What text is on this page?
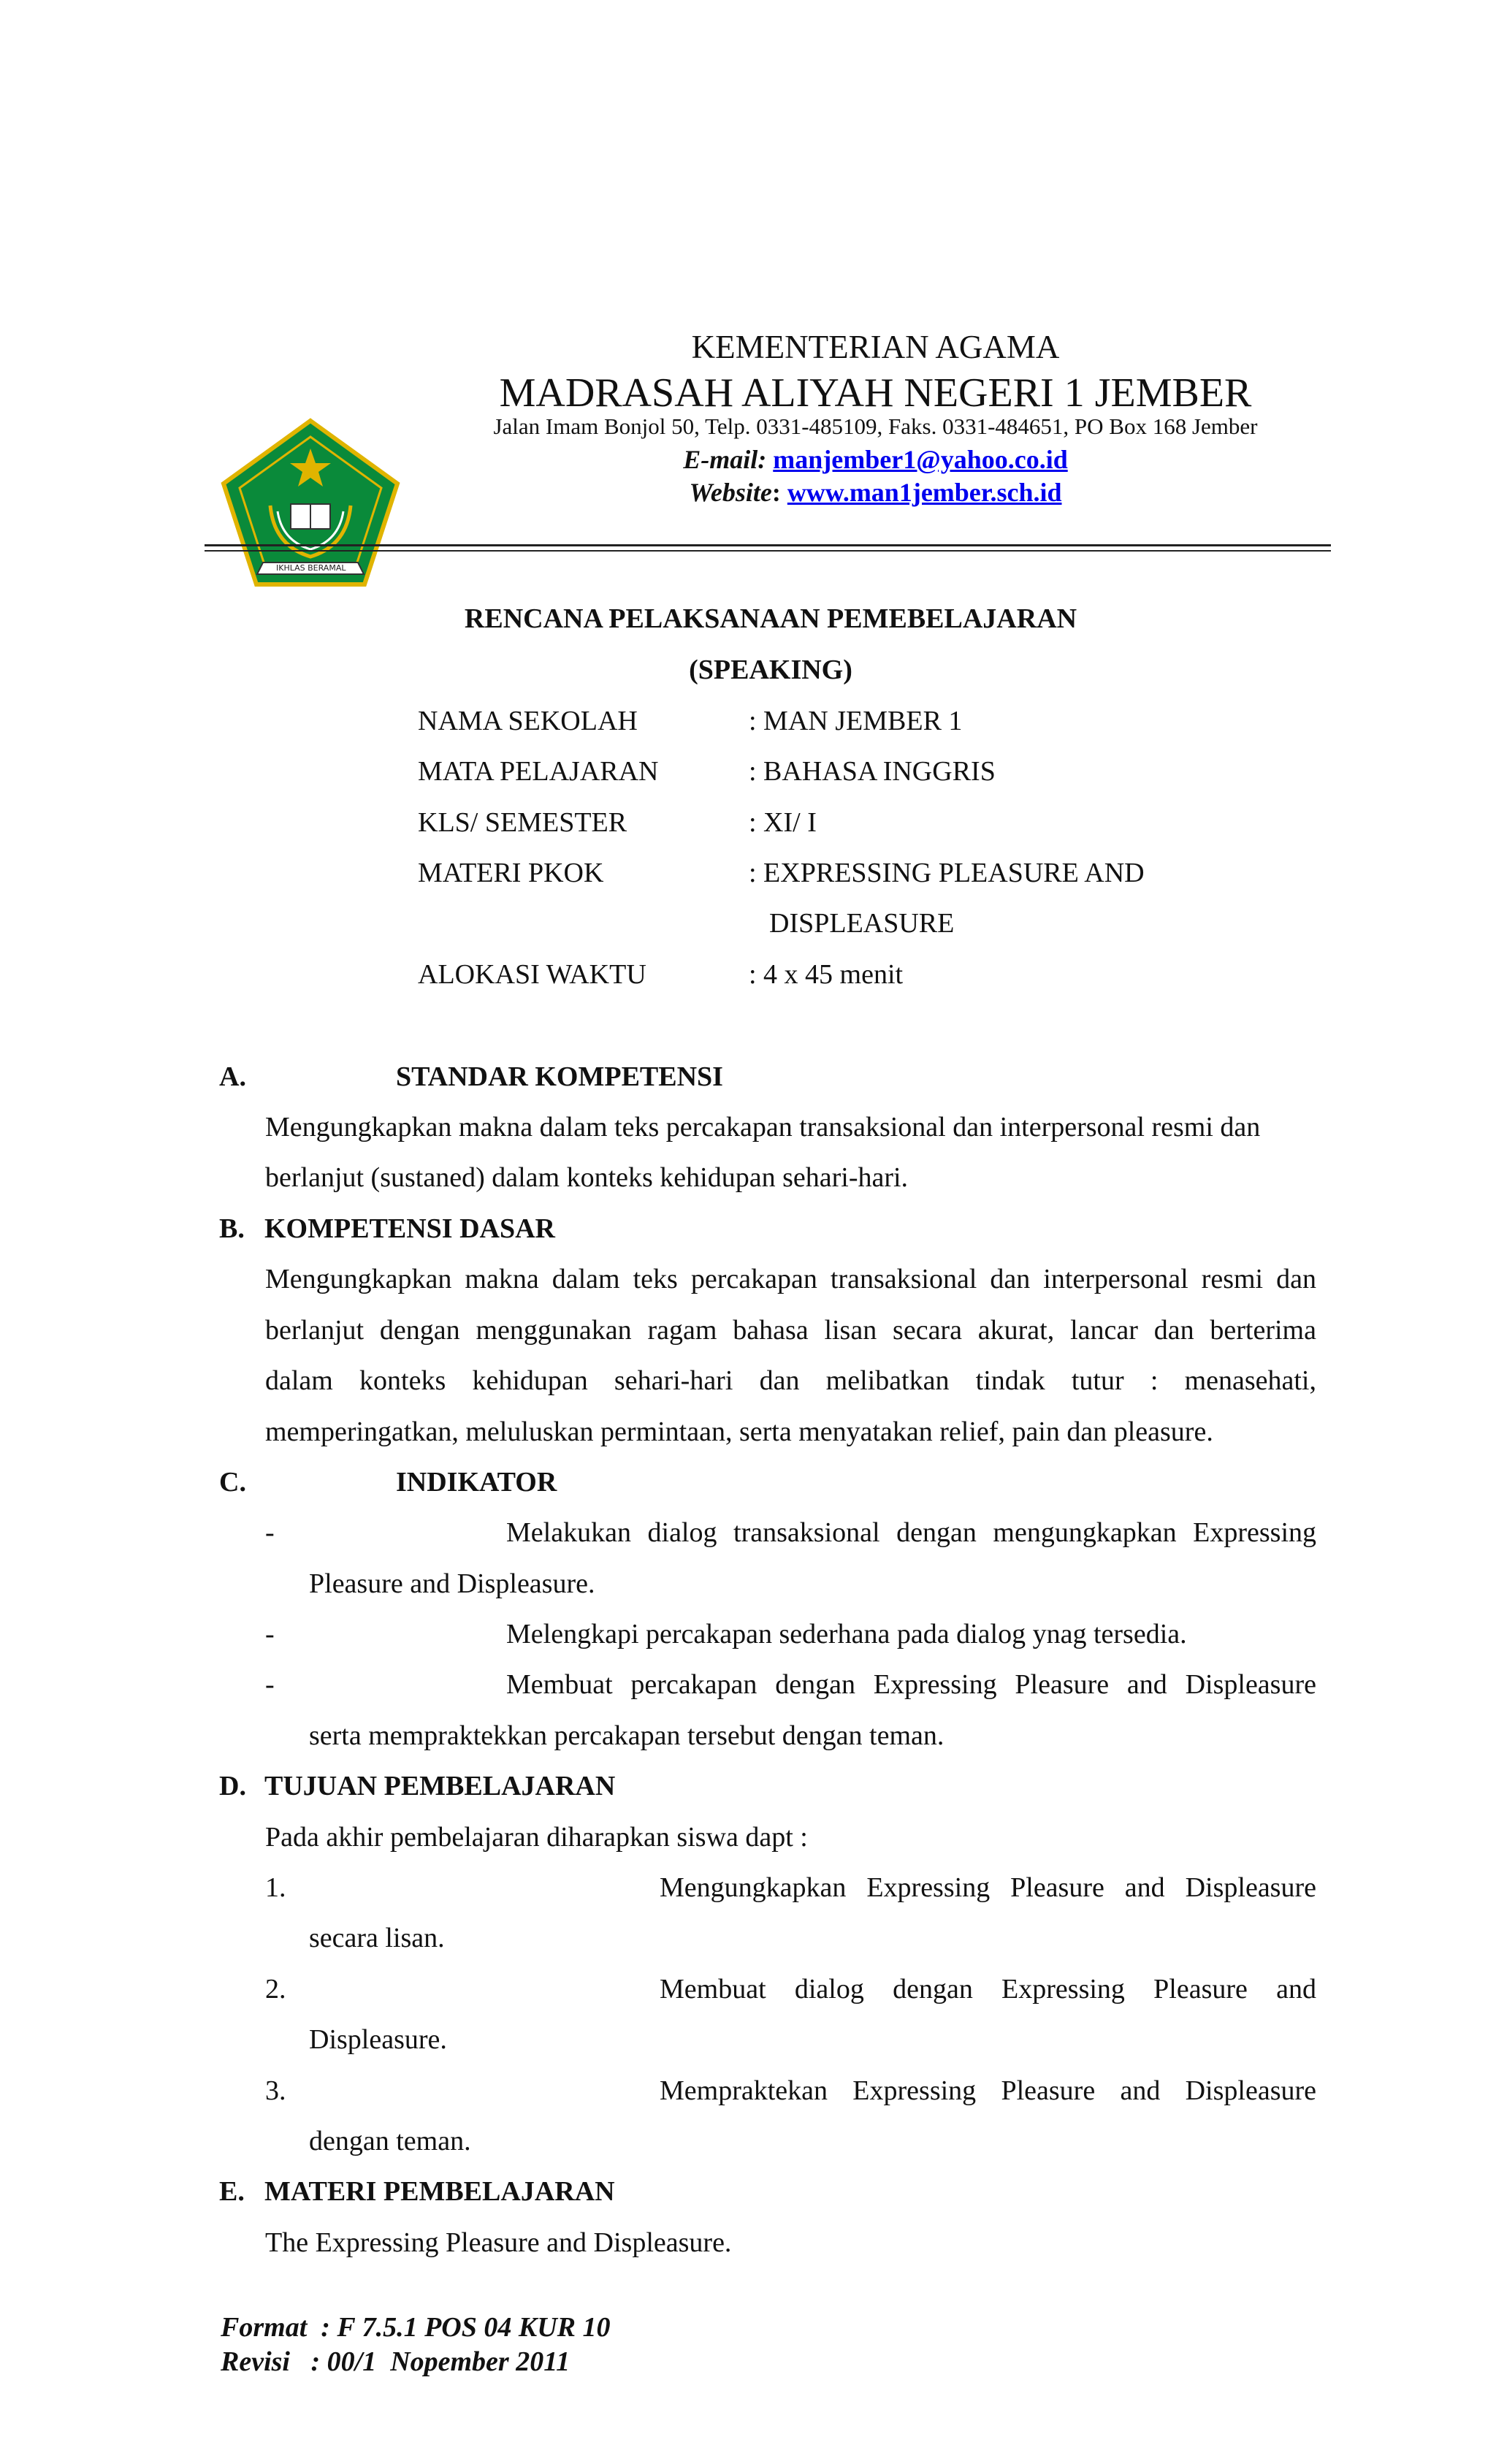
IKHLAS BERAMAL
KEMENTERIAN AGAMA
MADRASAH ALIYAH NEGERI 1 JEMBER
Jalan Imam Bonjol 50, Telp. 0331-485109, Faks. 0331-484651, PO Box 168 Jember
E-mail: manjember1@yahoo.co.id
Website: www.man1jember.sch.id
RENCANA PELAKSANAAN PEMEBELAJARAN
(SPEAKING)
NAMA SEKOLAH	: MAN JEMBER 1
MATA PELAJARAN	: BAHASA INGGRIS
KLS/ SEMESTER	: XI/ I
MATERI PKOK	: EXPRESSING PLEASURE AND
DISPLEASURE
ALOKASI WAKTU	: 4 x 45 menit
A.	STANDAR KOMPETENSI
Mengungkapkan makna dalam teks percakapan transaksional dan interpersonal resmi dan
berlanjut (sustaned) dalam konteks kehidupan sehari-hari.
B. KOMPETENSI DASAR
Mengungkapkan makna dalam teks percakapan transaksional dan interpersonal resmi dan
berlanjut dengan menggunakan ragam bahasa lisan secara akurat, lancar dan berterima
dalam konteks kehidupan sehari-hari dan melibatkan tindak tutur : menasehati,
memperingatkan, meluluskan permintaan, serta menyatakan relief, pain dan pleasure.
C.	INDIKATOR
-	Melakukan dialog transaksional dengan mengungkapkan Expressing
Pleasure and Displeasure.
-	Melengkapi percakapan sederhana pada dialog ynag tersedia.
-	Membuat percakapan dengan Expressing Pleasure and Displeasure
serta mempraktekkan percakapan tersebut dengan teman.
D. TUJUAN PEMBELAJARAN
Pada akhir pembelajaran diharapkan siswa dapt :
1.	Mengungkapkan Expressing Pleasure and Displeasure
secara lisan.
2.	Membuat dialog dengan Expressing Pleasure and
Displeasure.
3.	Mempraktekan Expressing Pleasure and Displeasure
dengan teman.
E. MATERI PEMBELAJARAN
The Expressing Pleasure and Displeasure.
Format  : F 7.5.1 POS 04 KUR 10
Revisi   : 00/1  Nopember 2011
